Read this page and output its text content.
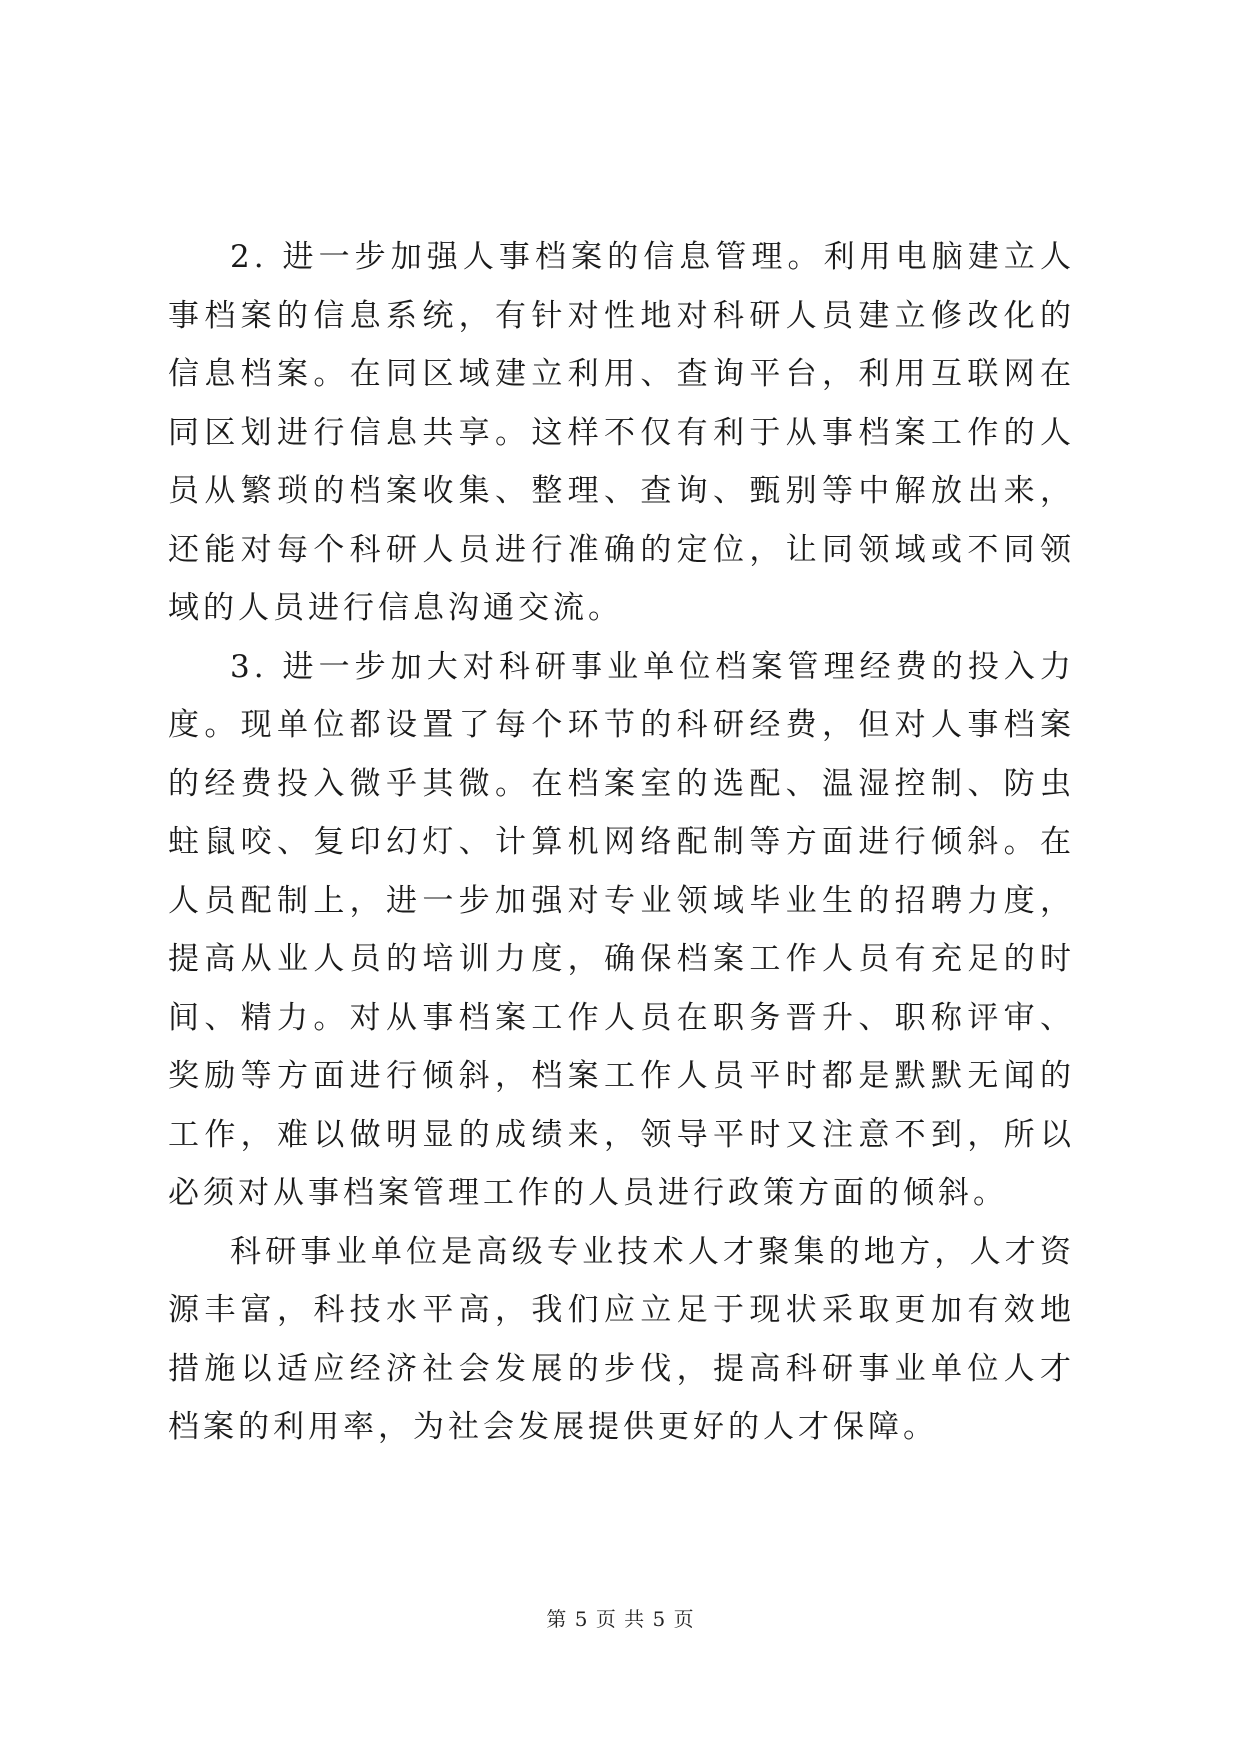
2. 进一步加强人事档案的信息管理。利用电脑建立人事档案的信息系统，有针对性地对科研人员建立修改化的信息档案。在同区域建立利用、查询平台，利用互联网在同区划进行信息共享。这样不仅有利于从事档案工作的人员从繁琐的档案收集、整理、查询、甄别等中解放出来，还能对每个科研人员进行准确的定位，让同领域或不同领域的人员进行信息沟通交流。

3. 进一步加大对科研事业单位档案管理经费的投入力度。现单位都设置了每个环节的科研经费，但对人事档案的经费投入微乎其微。在档案室的选配、温湿控制、防虫蛀鼠咬、复印幻灯、计算机网络配制等方面进行倾斜。在人员配制上，进一步加强对专业领域毕业生的招聘力度，提高从业人员的培训力度，确保档案工作人员有充足的时间、精力。对从事档案工作人员在职务晋升、职称评审、奖励等方面进行倾斜，档案工作人员平时都是默默无闻的工作，难以做明显的成绩来，领导平时又注意不到，所以必须对从事档案管理工作的人员进行政策方面的倾斜。

科研事业单位是高级专业技术人才聚集的地方，人才资源丰富，科技水平高，我们应立足于现状采取更加有效地措施以适应经济社会发展的步伐，提高科研事业单位人才档案的利用率，为社会发展提供更好的人才保障。

第 5 页 共 5 页
